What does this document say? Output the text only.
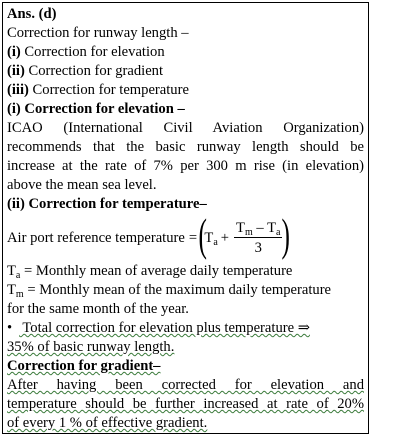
Ans. (d)
Correction for runway length –
(i) Correction for elevation
(ii) Correction for gradient
(iii) Correction for temperature
(i) Correction for elevation –
ICAO (International Civil Aviation Organization)
recommends that the basic runway length should be
increase at the rate of 7% per 300 m rise (in elevation)
above the mean sea level.
(ii) Correction for temperature–
Air port reference temperature = (
$T_a + \frac{T_m - T_a}{3}$ )
$T_a$ = Monthly mean of average daily temperature
$T_m$ = Monthly mean of the maximum daily temperature
for the same month of the year.
• Total correction for elevation plus temperature ⇒
35% of basic runway length.
Correction for gradient–
After having been corrected for elevation and
temperature should be further increased at rate of 20%
of every 1 % of effective gradient.
